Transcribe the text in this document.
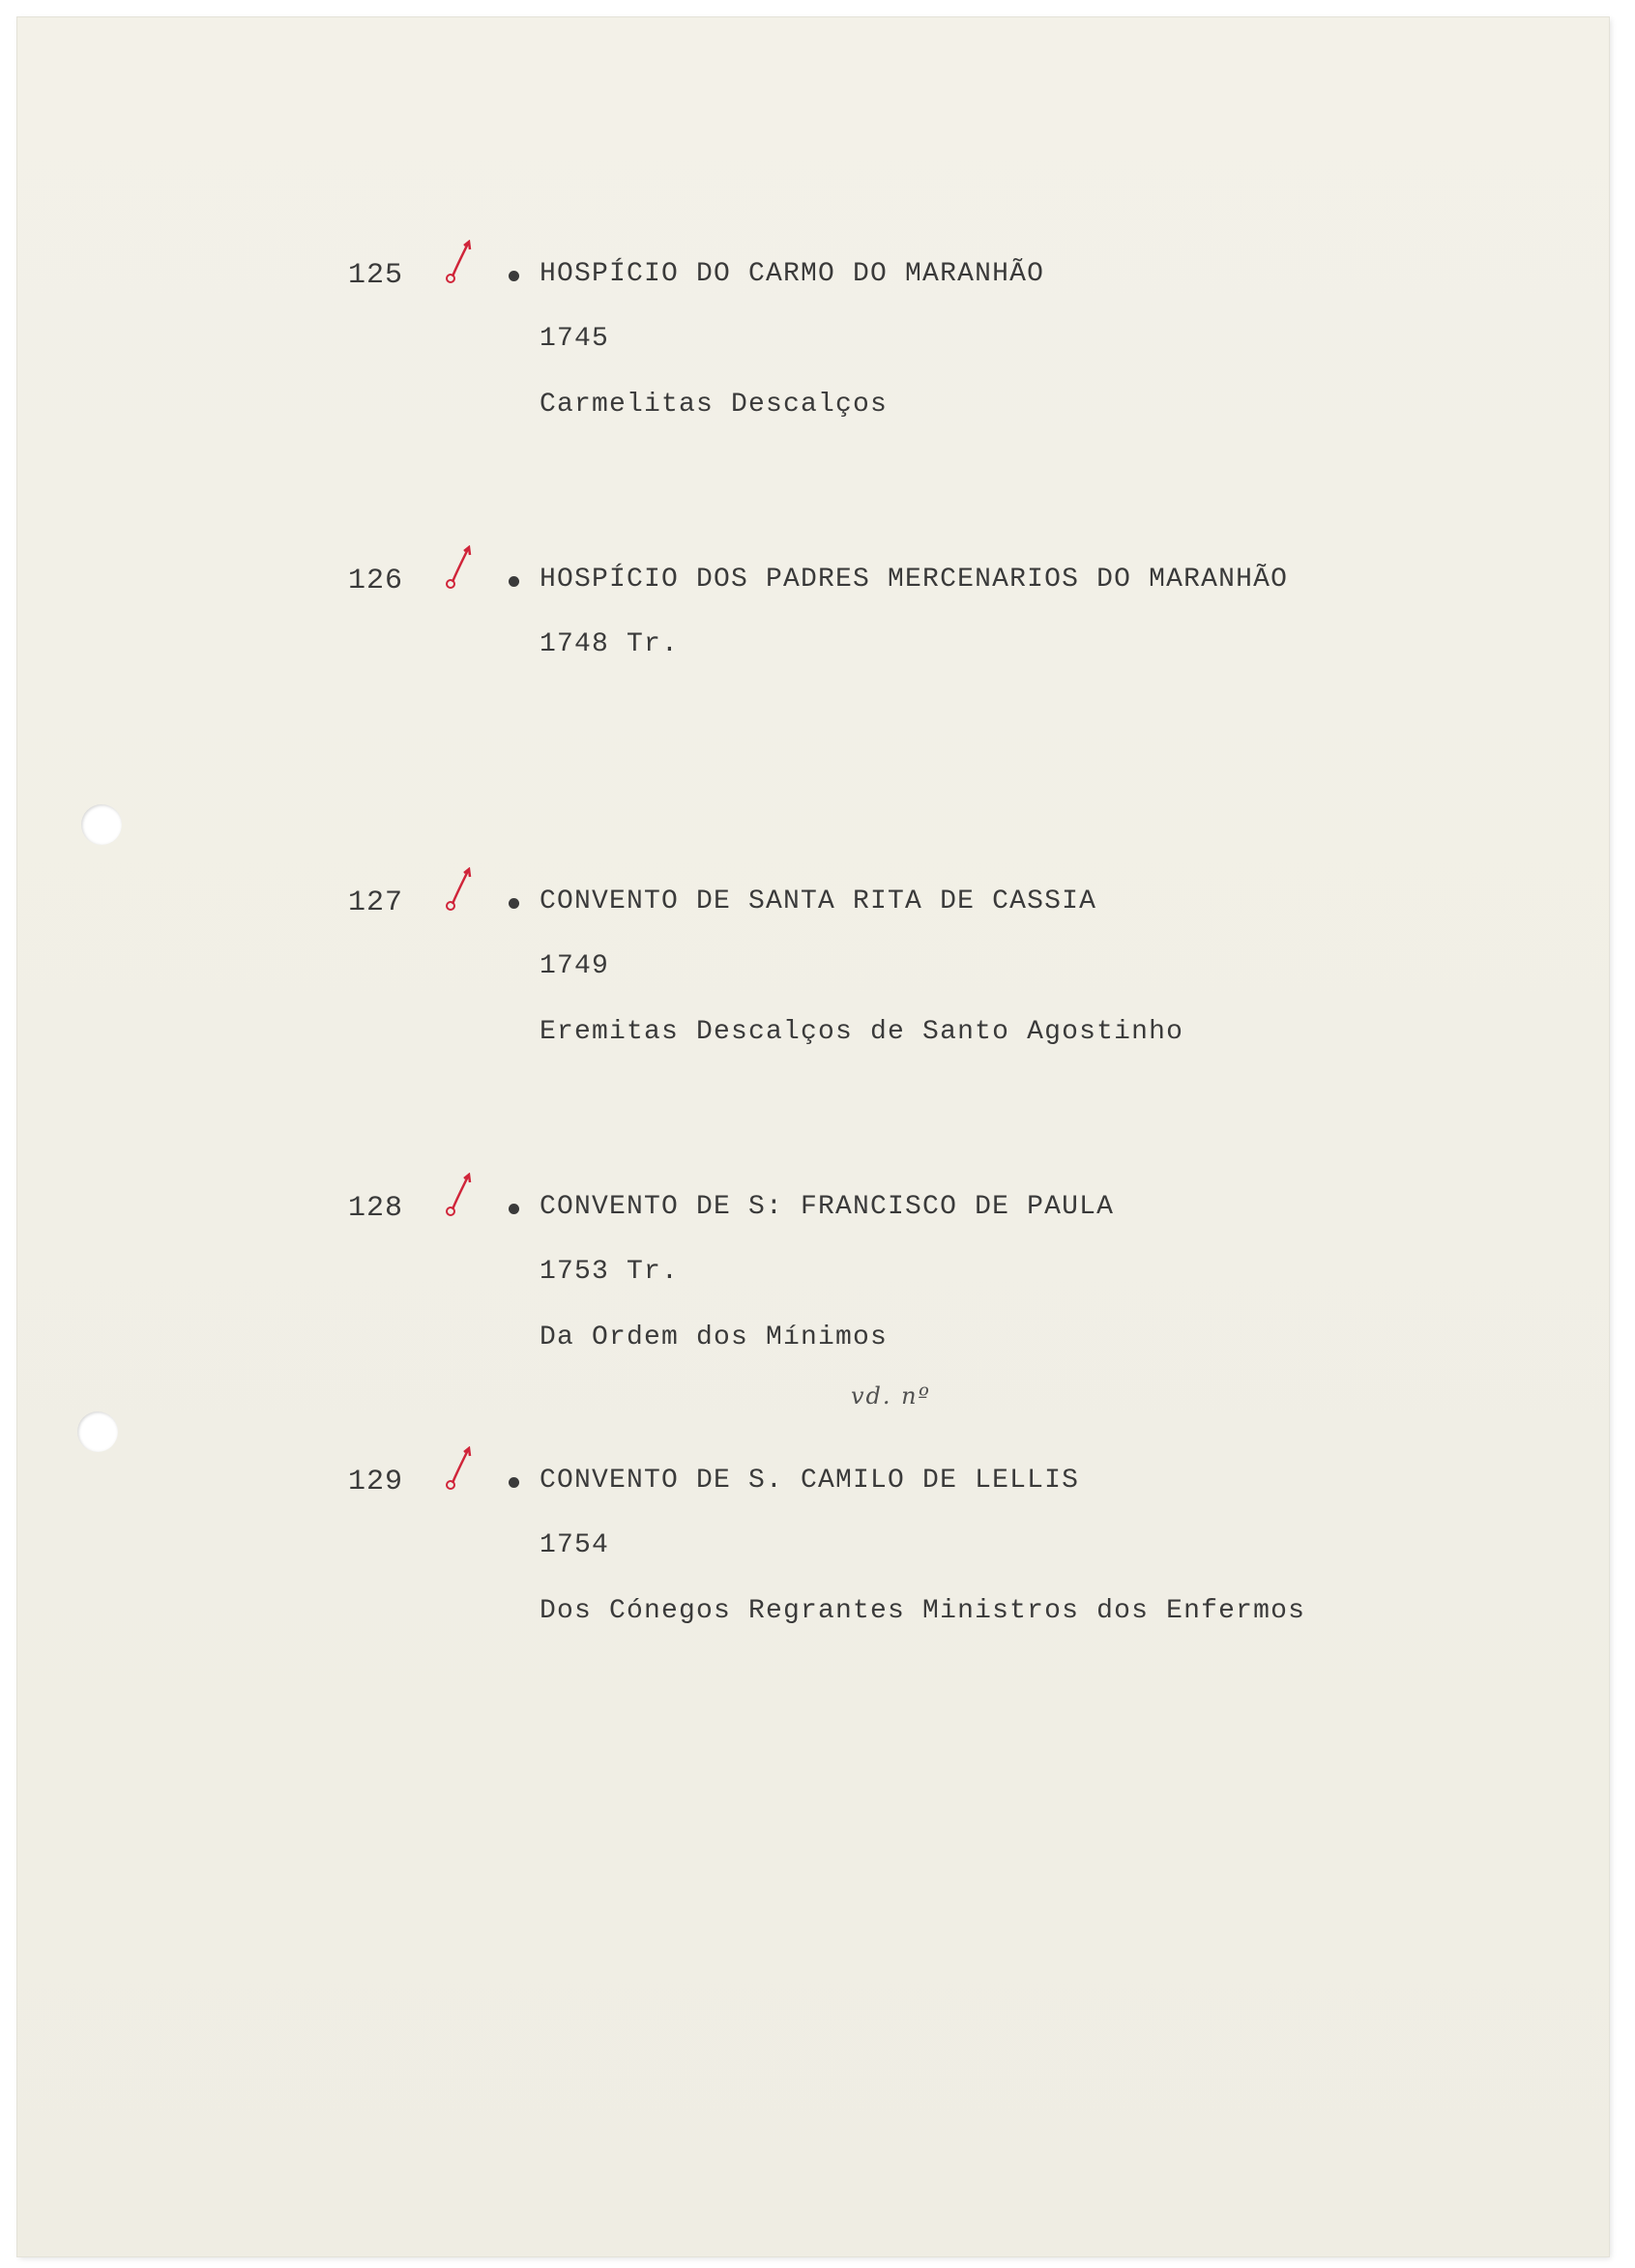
125	HOSPÍCIO DO CARMO DO MARANHÃO
1745
Carmelitas Descalços
126	HOSPÍCIO DOS PADRES MERCENARIOS DO MARANHÃO
1748 Tr.
127	CONVENTO DE SANTA RITA DE CASSIA
1749
Eremitas Descalços de Santo Agostinho
128	CONVENTO DE S: FRANCISCO DE PAULA
1753 Tr.
Da Ordem dos Mínimos
vd. nº
129	CONVENTO DE S. CAMILO DE LELLIS
1754
Dos Cónegos Regrantes Ministros dos Enfermos
